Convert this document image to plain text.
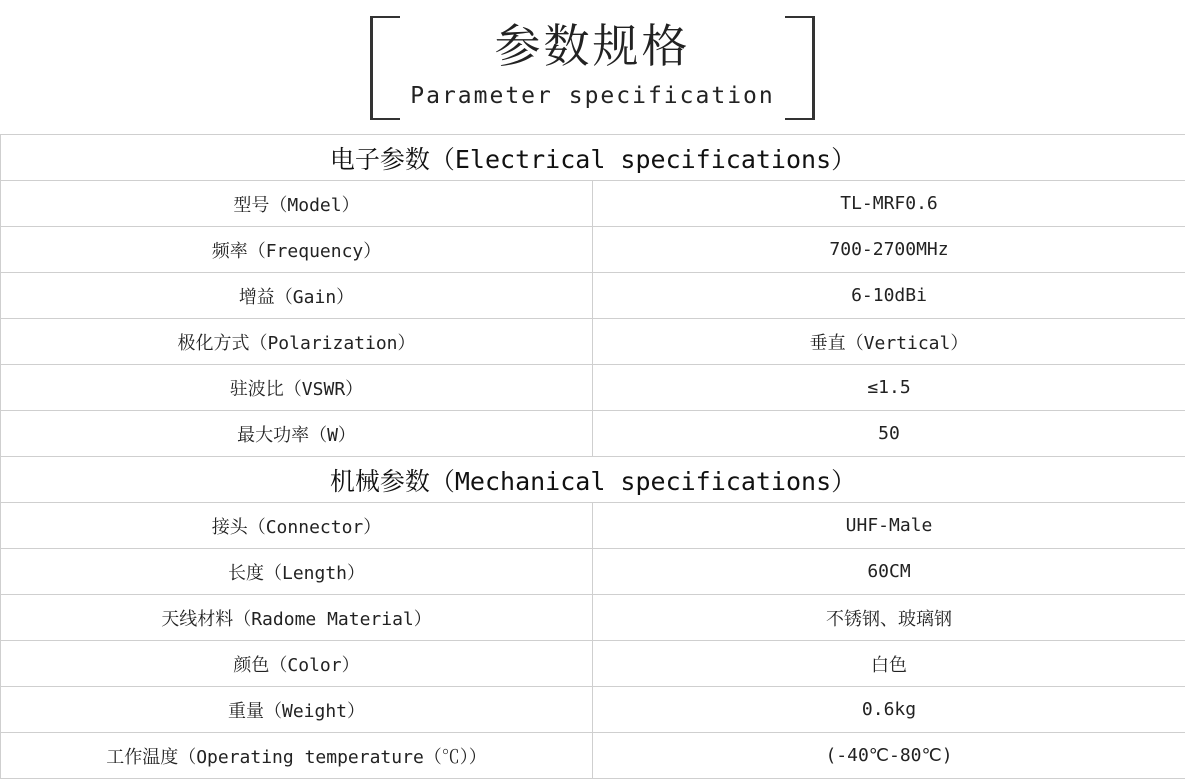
参数规格
Parameter specification
电子参数（Electrical specifications）	
型号（Model）	TL-MRF0.6
频率（Frequency）	700-2700MHz
增益（Gain）	6-10dBi
极化方式（Polarization）	垂直（Vertical）
驻波比（VSWR）	≤1.5
最大功率（W）	50
机械参数（Mechanical specifications）	
接头（Connector）	UHF-Male
长度（Length）	60CM
天线材料（Radome Material）	不锈钢、玻璃钢
颜色（Color）	白色
重量（Weight）	0.6kg
工作温度（Operating temperature（℃））	(-40℃-80℃)
